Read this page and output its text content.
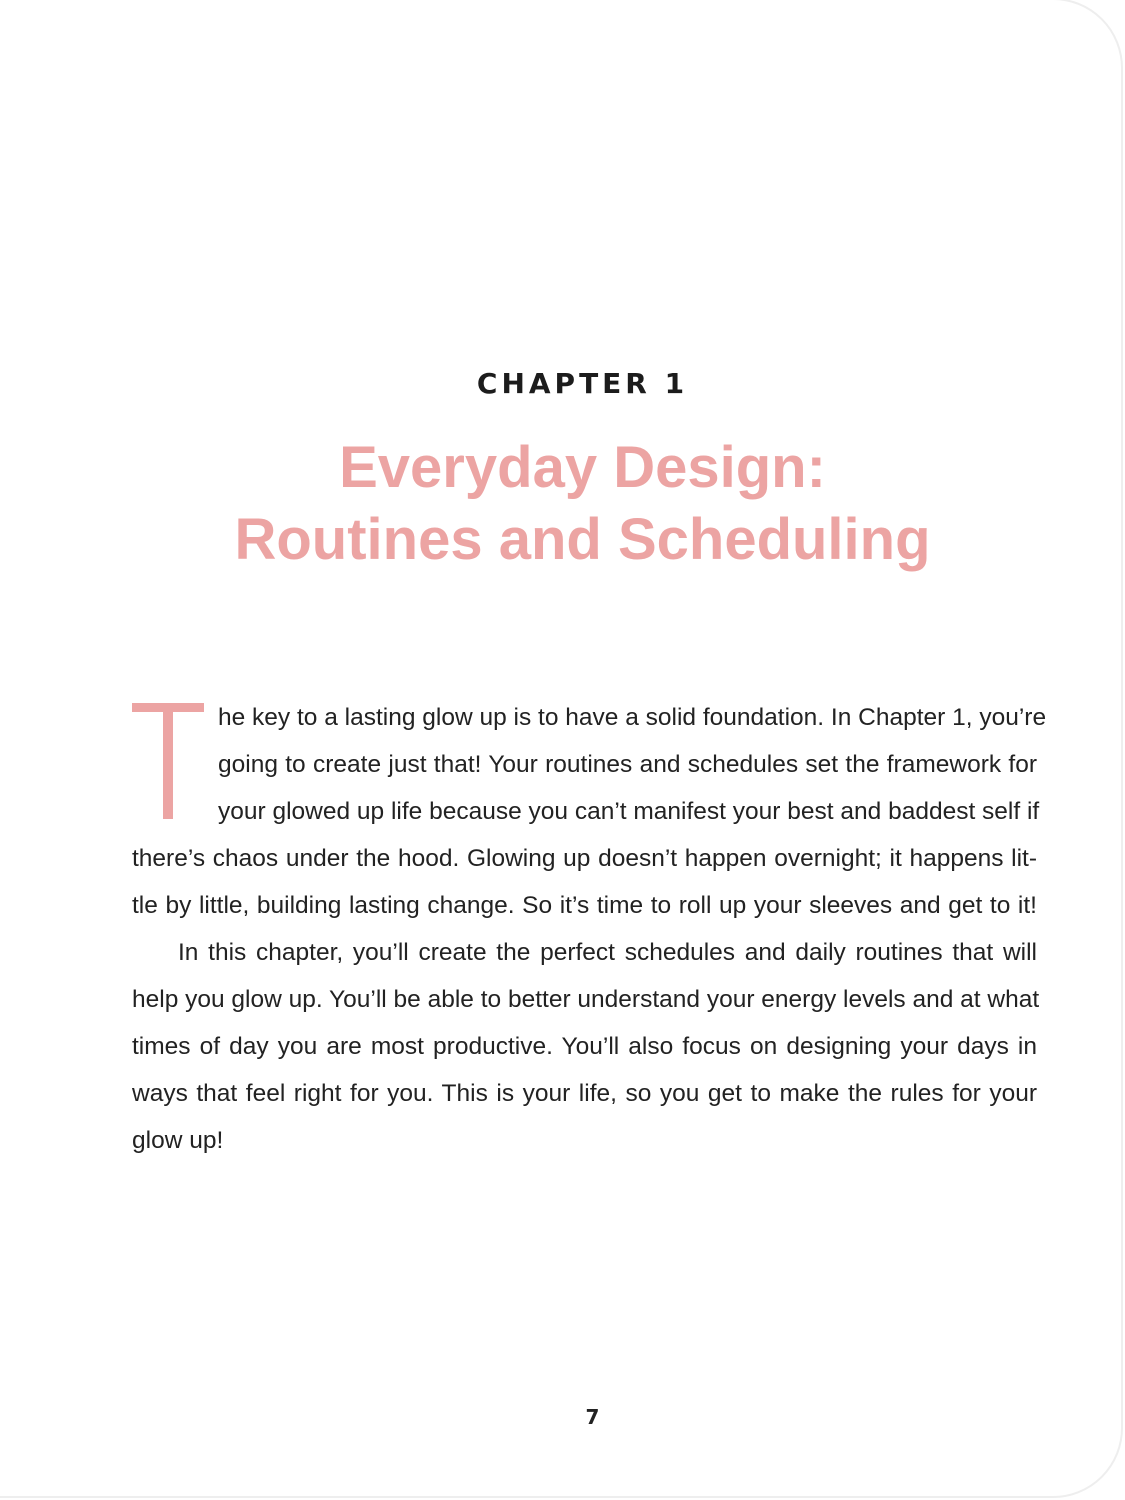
CHAPTER 1
Everyday Design:
Routines and Scheduling
he key to a lasting glow up is to have a solid foundation. In Chapter 1, you’re
going to create just that! Your routines and schedules set the framework for
your glowed up life because you can’t manifest your best and baddest self if
there’s chaos under the hood. Glowing up doesn’t happen overnight; it happens lit-
tle by little, building lasting change. So it’s time to roll up your sleeves and get to it!
In this chapter, you’ll create the perfect schedules and daily routines that will
help you glow up. You’ll be able to better understand your energy levels and at what
times of day you are most productive. You’ll also focus on designing your days in
ways that feel right for you. This is your life, so you get to make the rules for your
glow up!
7
